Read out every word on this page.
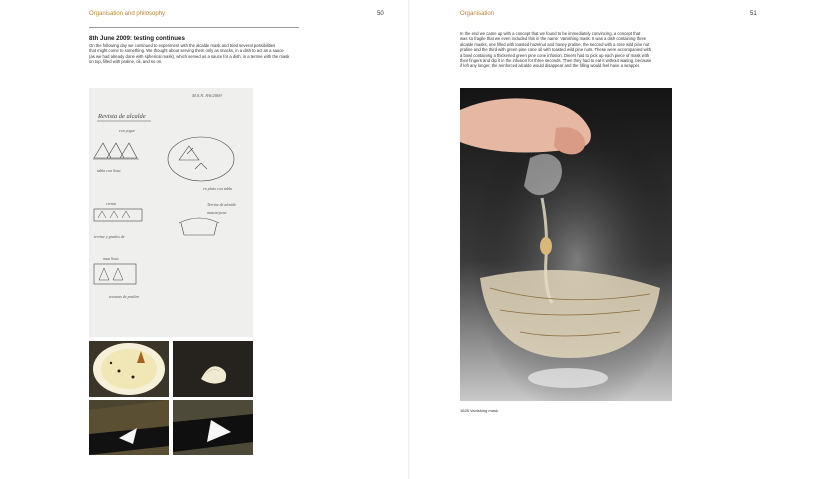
Organisation and philosophy	50
8th June 2009: testing continues
On the following day we continued to experiment with the alcalde mask and tried several possibilities
that might come to something. We thought about serving them only as snacks, in a dish to act as a sauce
(as we had already done with spherical mask), which served as a sauce for a dish, in a terrine with the mask
on top, filled with praline, oil, and so on.
M.S.N. 8/6/2009
Revista de alcalde
con yogur
tabla con Sosa
en plato con tabla
crema	Terrine de alcalde
mascarpone
terrine y grados de
mua Sosa
texturas de praline
Organisation	51
In the end we came up with a concept that we found to be immediately convincing, a concept that
was so fragile that we even included this in the name: Vanishing mask. It was a dish containing three
alcalde masks, one filled with toasted hazelnut and honey praline, the second with a rose wild pine nut
praline and the third with green pine cone oil with toasted wild pine nuts. These were accompanied with
a bowl containing a thickened green pine cone infusion. Diners had to pick up each piece of mask with
their fingers and dip it in the infusion for three seconds. Then they had to eat it without waiting, because
if left any longer, the reinforced alcalde would disappear and the filling would feel have a wrapper.
1628 Vanishing mask
